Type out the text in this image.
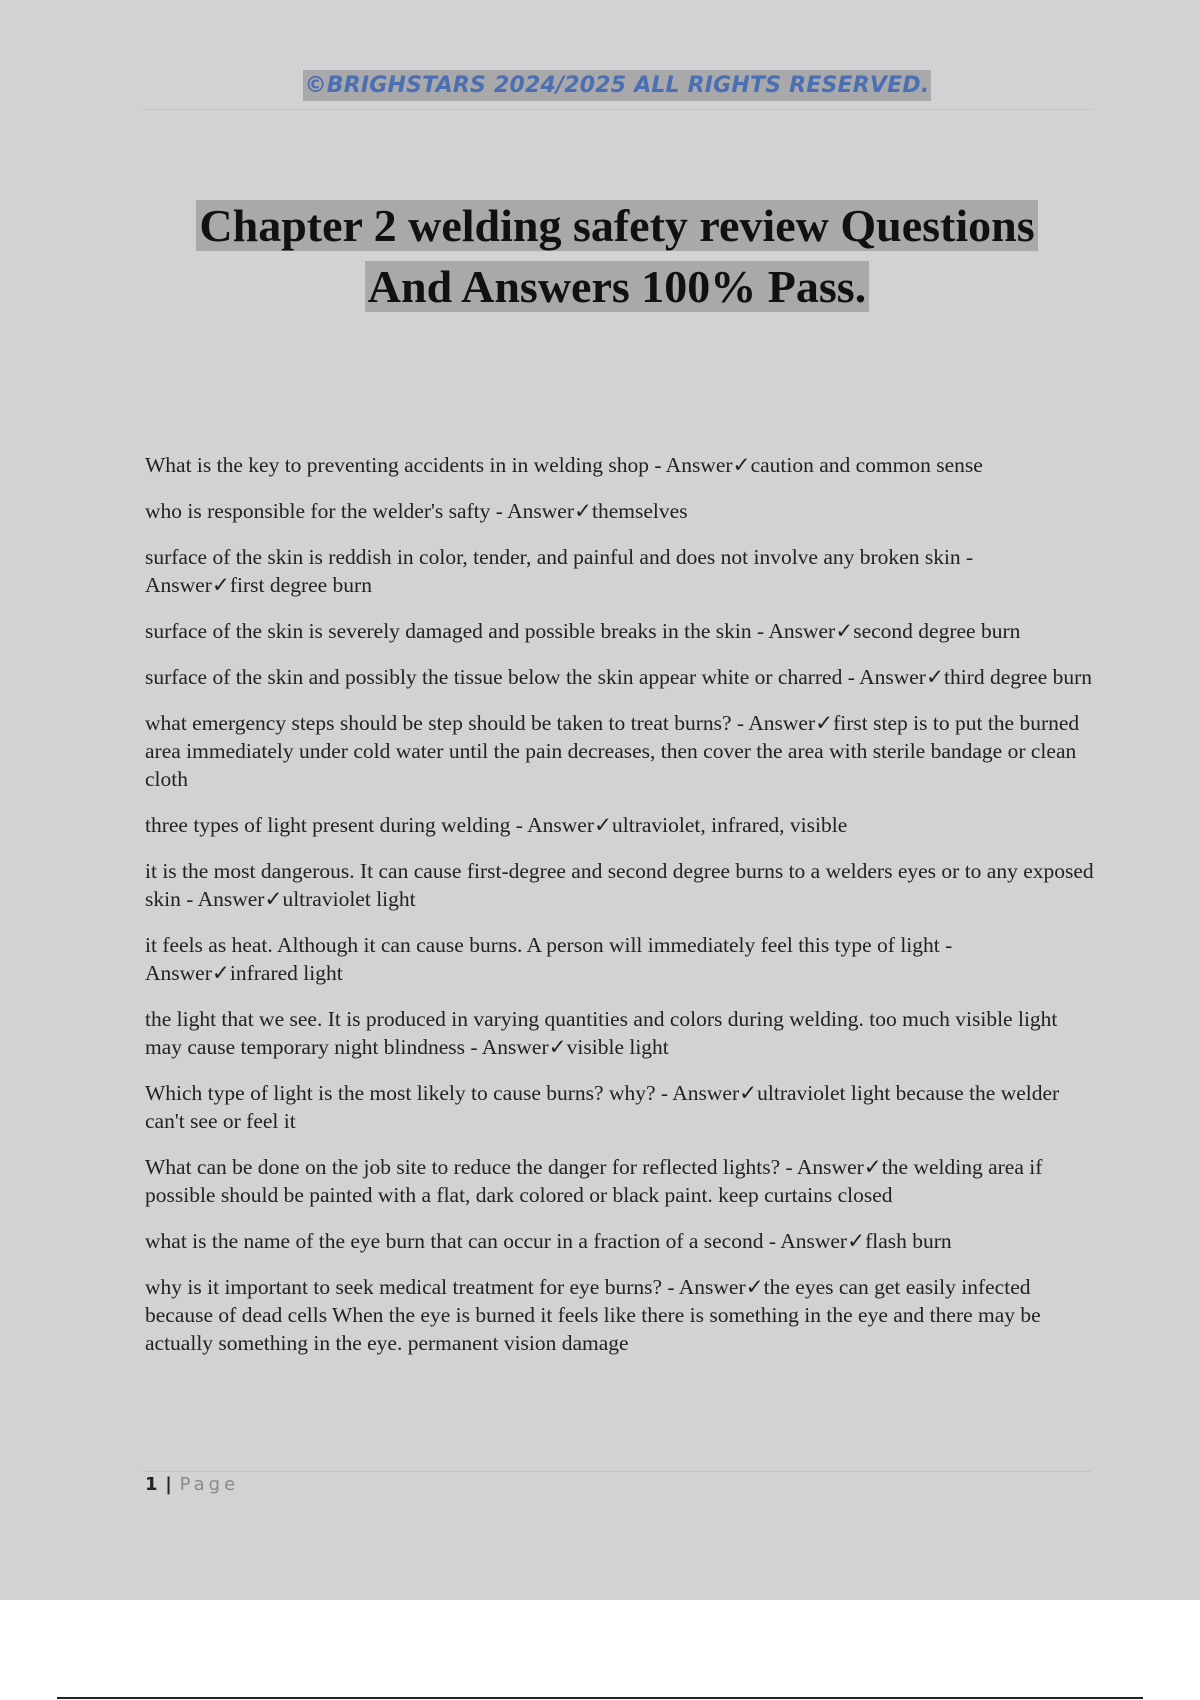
©BRIGHSTARS 2024/2025 ALL RIGHTS RESERVED.
Chapter 2 welding safety review Questions
And Answers 100% Pass.

What is the key to preventing accidents in in welding shop - Answer✓caution and common sense

who is responsible for the welder's safty - Answer✓themselves

surface of the skin is reddish in color, tender, and painful and does not involve any broken skin - Answer✓first degree burn

surface of the skin is severely damaged and possible breaks in the skin - Answer✓second degree burn

surface of the skin and possibly the tissue below the skin appear white or charred - Answer✓third degree burn

what emergency steps should be step should be taken to treat burns? - Answer✓first step is to put the burned area immediately under cold water until the pain decreases, then cover the area with sterile bandage or clean cloth

three types of light present during welding - Answer✓ultraviolet, infrared, visible

it is the most dangerous. It can cause first-degree and second degree burns to a welders eyes or to any exposed skin - Answer✓ultraviolet light

it feels as heat. Although it can cause burns. A person will immediately feel this type of light - Answer✓infrared light

the light that we see. It is produced in varying quantities and colors during welding. too much visible light may cause temporary night blindness - Answer✓visible light

Which type of light is the most likely to cause burns? why? - Answer✓ultraviolet light because the welder can't see or feel it

What can be done on the job site to reduce the danger for reflected lights? - Answer✓the welding area if possible should be painted with a flat, dark colored or black paint. keep curtains closed

what is the name of the eye burn that can occur in a fraction of a second - Answer✓flash burn

why is it important to seek medical treatment for eye burns? - Answer✓the eyes can get easily infected because of dead cells When the eye is burned it feels like there is something in the eye and there may be actually something in the eye. permanent vision damage

1 | Page
